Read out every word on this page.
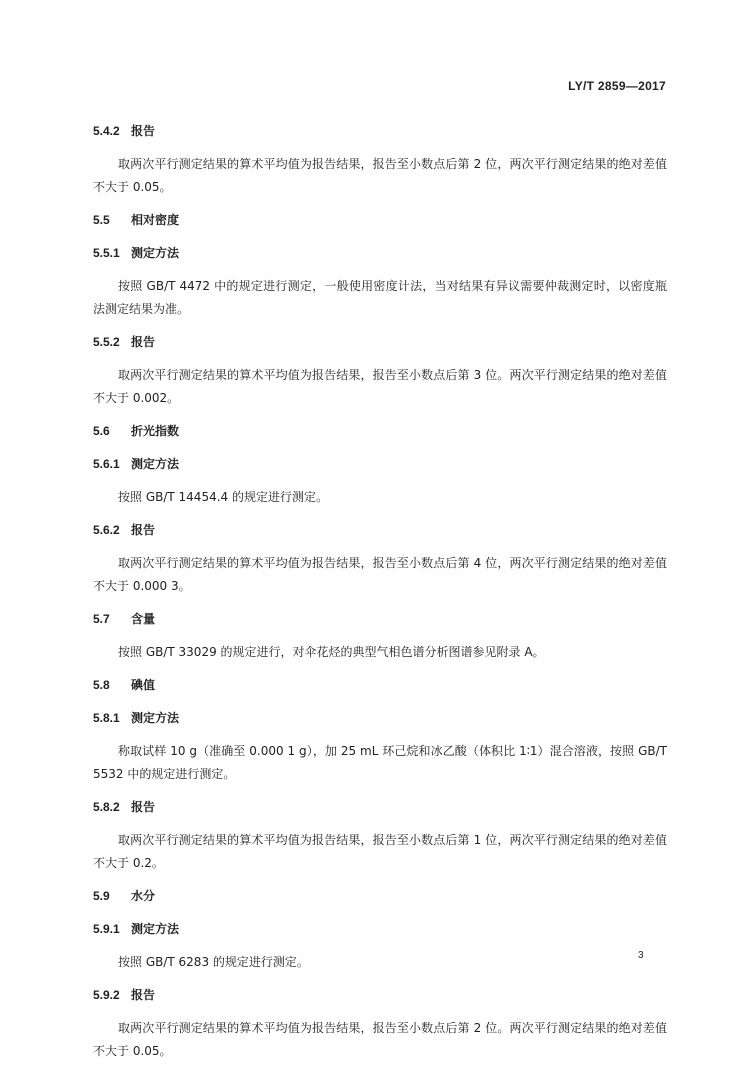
LY/T 2859—2017
5.4.2 报告
取两次平行测定结果的算术平均值为报告结果，报告至小数点后第 2 位，两次平行测定结果的绝对差值不大于 0.05。
5.5 相对密度
5.5.1 测定方法
按照 GB/T 4472 中的规定进行测定，一般使用密度计法，当对结果有异议需要仲裁测定时，以密度瓶法测定结果为准。
5.5.2 报告
取两次平行测定结果的算术平均值为报告结果，报告至小数点后第 3 位。两次平行测定结果的绝对差值不大于 0.002。
5.6 折光指数
5.6.1 测定方法
按照 GB/T 14454.4 的规定进行测定。
5.6.2 报告
取两次平行测定结果的算术平均值为报告结果，报告至小数点后第 4 位，两次平行测定结果的绝对差值不大于 0.000 3。
5.7 含量
按照 GB/T 33029 的规定进行，对伞花烃的典型气相色谱分析图谱参见附录 A。
5.8 碘值
5.8.1 测定方法
称取试样 10 g（准确至 0.000 1 g），加 25 mL 环己烷和冰乙酸（体积比 1∶1）混合溶液，按照 GB/T 5532 中的规定进行测定。
5.8.2 报告
取两次平行测定结果的算术平均值为报告结果，报告至小数点后第 1 位，两次平行测定结果的绝对差值不大于 0.2。
5.9 水分
5.9.1 测定方法
按照 GB/T 6283 的规定进行测定。
5.9.2 报告
取两次平行测定结果的算术平均值为报告结果，报告至小数点后第 2 位。两次平行测定结果的绝对差值不大于 0.05。
3
